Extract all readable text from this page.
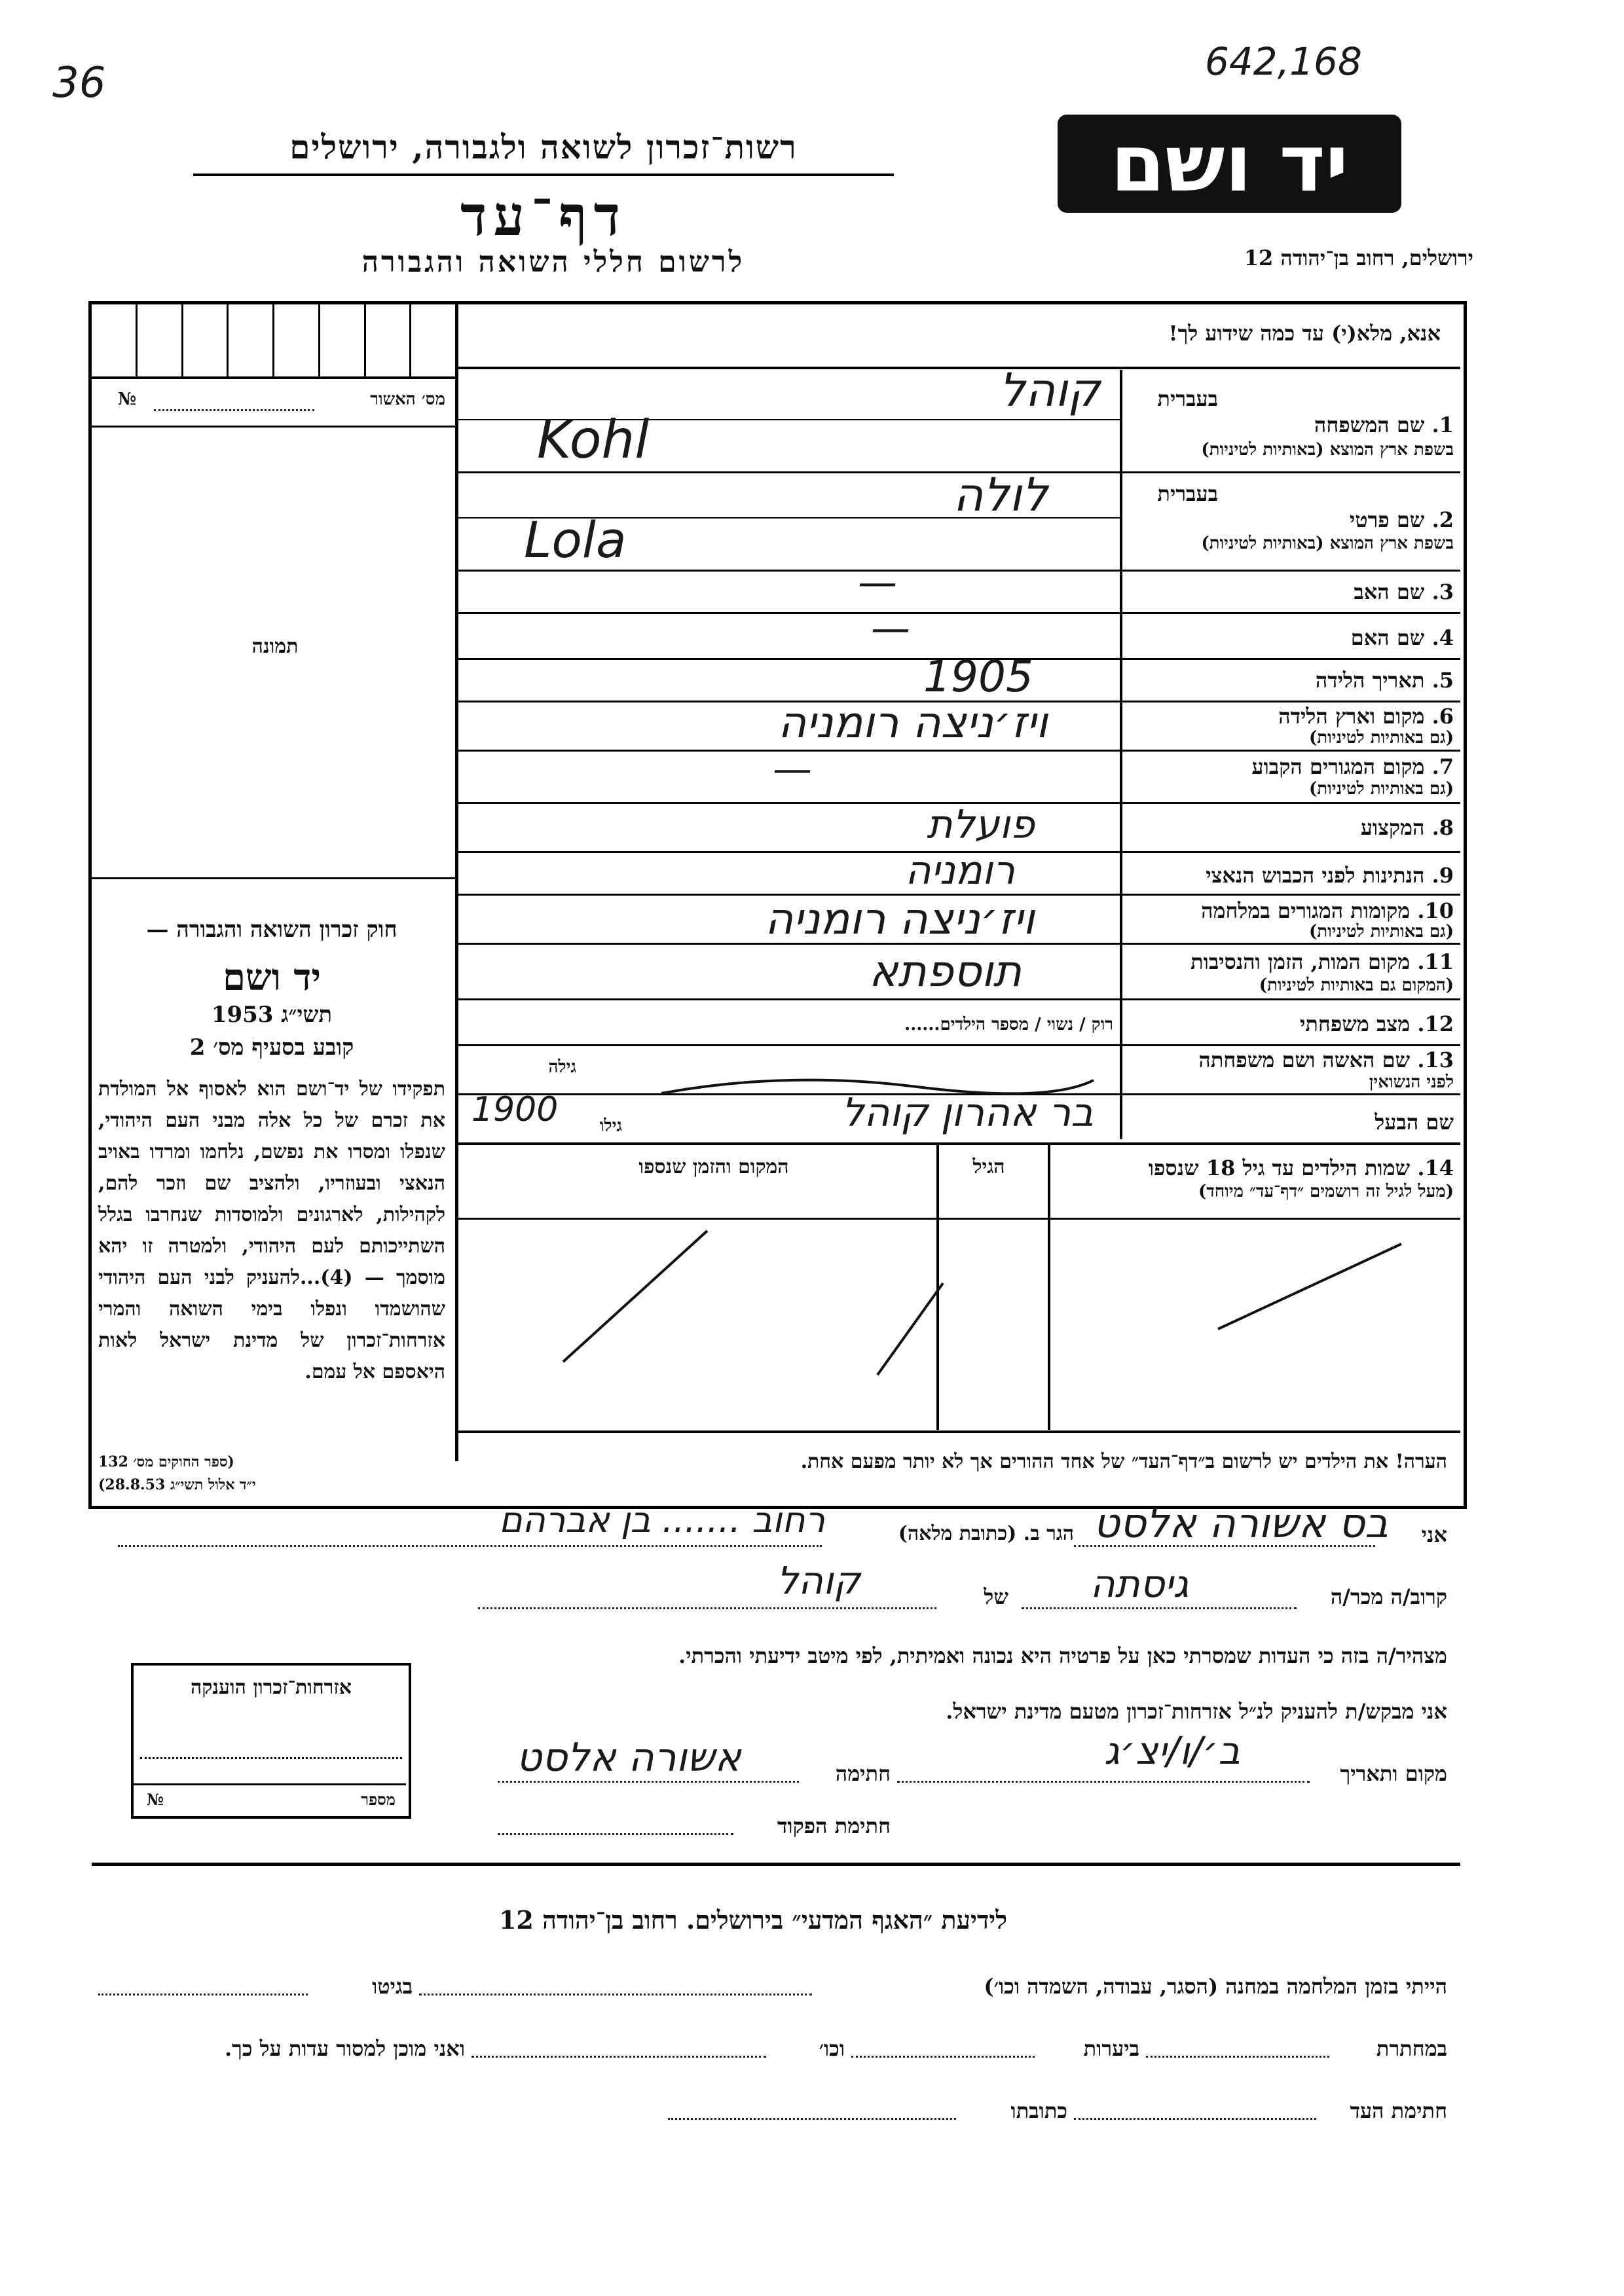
36	642,168
רשות־זכרון לשואה ולגבורה, ירושלים
דף־עד
לרשום חללי השואה והגבורה
יד ושם
ירושלים, רחוב בן־יהודה 12
אנא, מלא(י) עד כמה שידוע לך!
מס׳ האשור
№
תמונה
בעברית
1. שם המשפחה
בשפת ארץ המוצא (באותיות לטיניות)
בעברית
2. שם פרטי
בשפת ארץ המוצא (באותיות לטיניות)
3. שם האב
4. שם האם
5. תאריך הלידה
6. מקום וארץ הלידה
(גם באותיות לטיניות)
7. מקום המגורים הקבוע
(גם באותיות לטיניות)
8. המקצוע
9. הנתינות לפני הכבוש הנאצי
10. מקומות המגורים במלחמה
(גם באותיות לטיניות)
11. מקום המות, הזמן והנסיבות
(המקום גם באותיות לטיניות)
12. מצב משפחתי
רוק / נשוי / מספר הילדים......
13. שם האשה ושם משפחתה
לפני הנשואין
גילה
שם הבעל
גילו
קוהל
Kohl
לולה
Lola
—
—
1905
ויז׳ניצה רומניה
—
פועלת
רומניה
ויז׳ניצה רומניה
תוספתא
בר אהרון קוהל
1900
14. שמות הילדים עד גיל 18 שנספו
(מעל לגיל זה רושמים ״דף־עד״ מיוחד)
הגיל
המקום והזמן שנספו
הערה! את הילדים יש לרשום ב״דף־העד״ של אחד ההורים אך לא יותר מפעם אחת.
חוק זכרון השואה והגבורה —
יד ושם
תשי״ג 1953
קובע בסעיף מס׳ 2
תפקידו של יד־ושם הוא לאסוף אל המולדת את זכרם של כל אלה מבני העם היהודי, שנפלו ומסרו את נפשם, נלחמו ומרדו באויב הנאצי ובעוזריו, ולהציב שם וזכר להם, לקהילות, לארגונים ולמוסדות שנחרבו בגלל השתייכותם לעם היהודי, ולמטרה זו יהא מוסמך — (4)...להעניק לבני העם היהודי שהושמדו ונפלו בימי השואה והמרי אזרחות־זכרון של מדינת ישראל לאות היאספם אל עמם.
(ספר החוקים מס׳ 132
י״ד אלול תשי״ג 28.8.53)
אני
בס אשורה אלסט
הגר ב. (כתובת מלאה)
רחוב ....... בן אברהם
קרוב/ה מכר/ה
גיסתה
של
קוהל
מצהיר/ה בזה כי העדות שמסרתי כאן על פרטיה היא נכונה ואמיתית, לפי מיטב ידיעתי והכרתי.
אני מבקש/ת להעניק לנ״ל אזרחות־זכרון מטעם מדינת ישראל.
מקום ותאריך
ב׳/ו/יצ׳ג
חתימה
אשורה אלסט
חתימת הפקוד
אזרחות־זכרון הוענקה
מספר
№
לידיעת ״האגף המדעי״ בירושלים. רחוב בן־יהודה 12
הייתי בזמן המלחמה במחנה (הסגר, עבודה, השמדה וכו׳)
בגיטו
במחתרת
ביערות
וכו׳
ואני מוכן למסור עדות על כך.
חתימת העד
כתובתו
